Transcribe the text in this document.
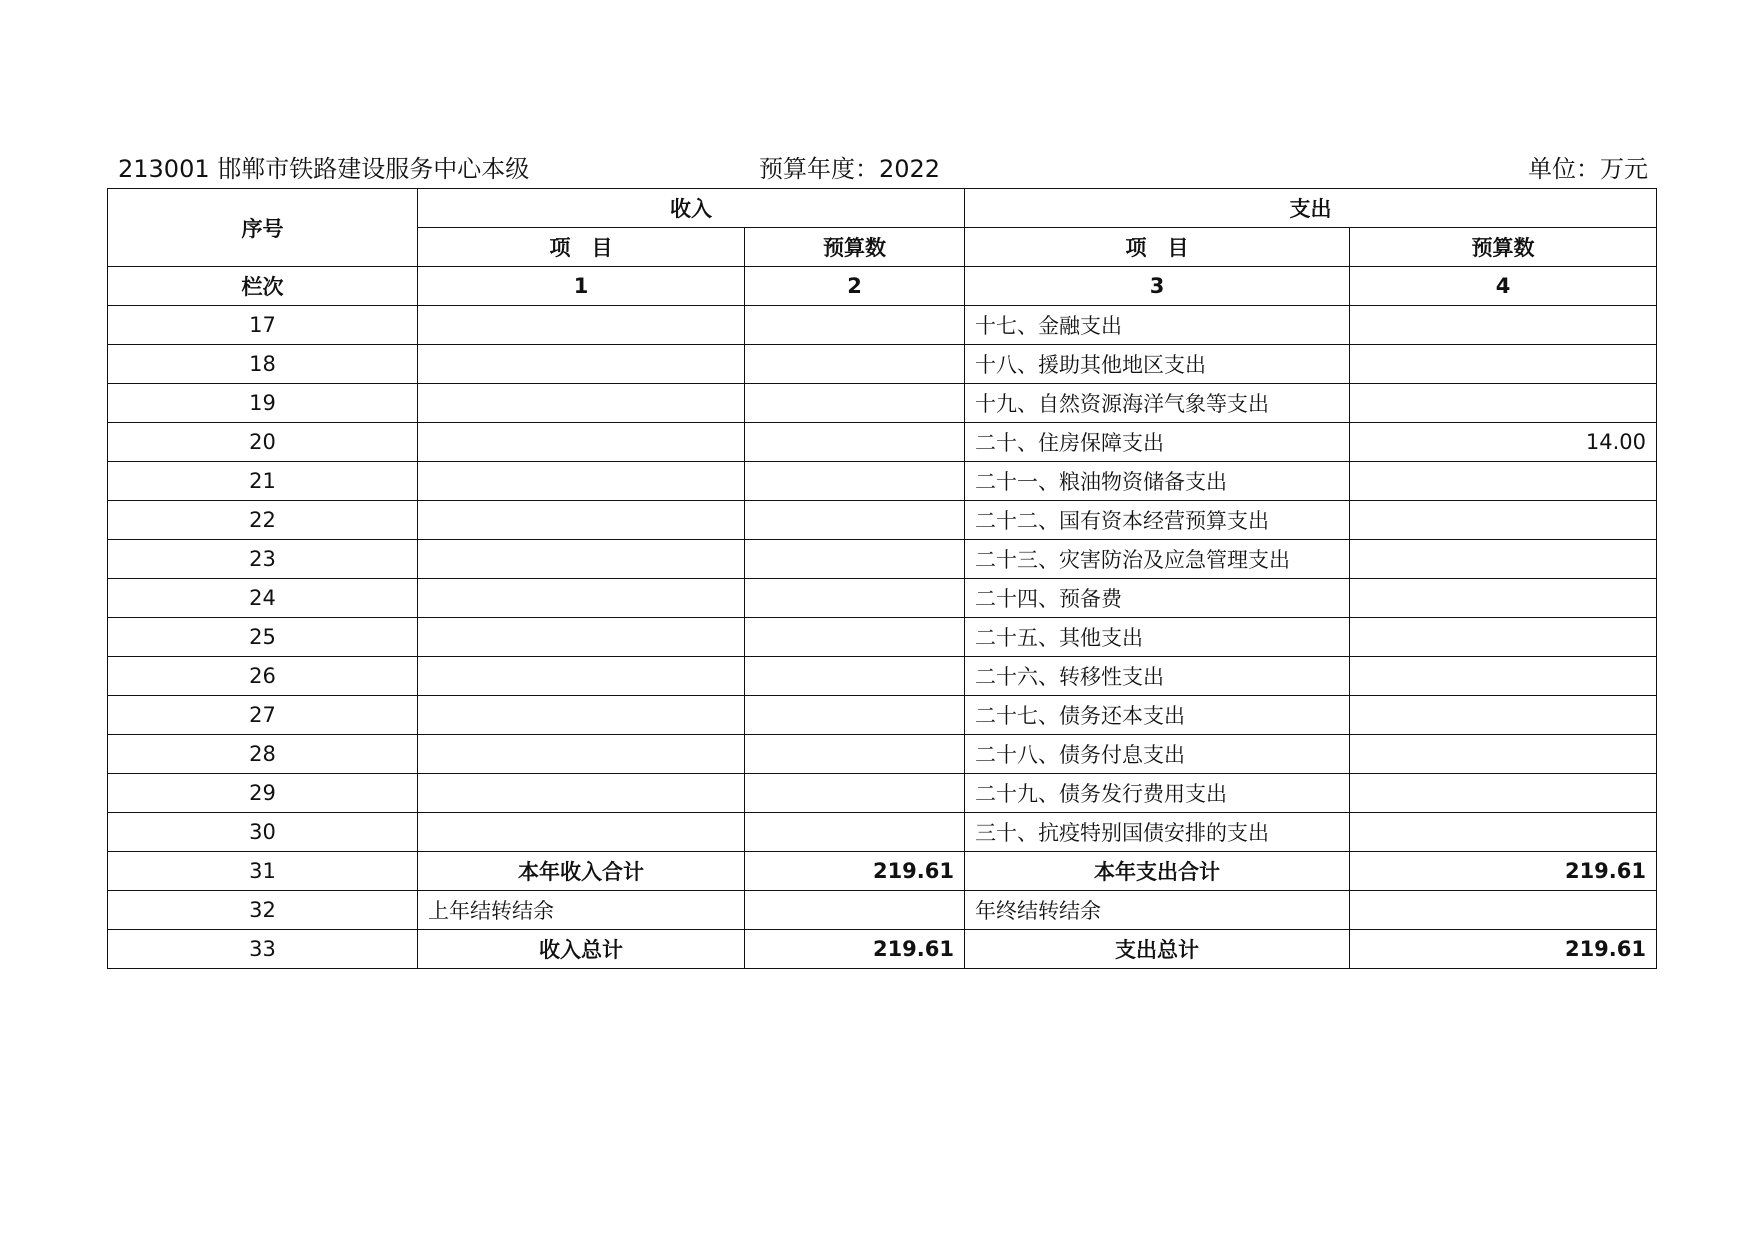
213001 邯郸市铁路建设服务中心本级	预算年度：2022	单位：万元
序号	收入		支出	
	项　目	预算数	项　目	预算数
栏次	1	2	3	4
17			十七、金融支出	
18			十八、援助其他地区支出	
19			十九、自然资源海洋气象等支出	
20			二十、住房保障支出	14.00
21			二十一、粮油物资储备支出	
22			二十二、国有资本经营预算支出	
23			二十三、灾害防治及应急管理支出	
24			二十四、预备费	
25			二十五、其他支出	
26			二十六、转移性支出	
27			二十七、债务还本支出	
28			二十八、债务付息支出	
29			二十九、债务发行费用支出	
30			三十、抗疫特别国债安排的支出	
31	本年收入合计	219.61	本年支出合计	219.61
32	上年结转结余		年终结转结余	
33	收入总计	219.61	支出总计	219.61
